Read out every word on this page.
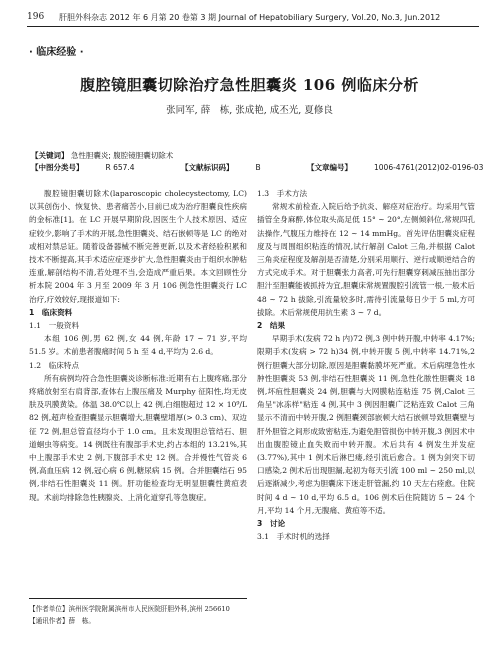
196	肝胆外科杂志 2012 年 6 月第 20 卷第 3 期 Journal of Hepatobiliary Surgery, Vol.20, No.3, Jun.2012
· 临床经验 ·
腹腔镜胆囊切除治疗急性胆囊炎 106 例临床分析
张同军, 薛　栋, 张成艳, 成丕光, 夏修良
【关键词】 急性胆囊炎; 腹腔镜胆囊切除术
【中图分类号】	R 657.4	【文献标识码】	B	【文章编号】	1006-4761(2012)02-0196-03

腹腔镜胆囊切除术(laparoscopic cholecystectomy, LC) 以其创伤小、恢复快、患者痛苦小,目前已成为治疗胆囊良性疾病的金标准[1]。在 LC 开展早期阶段,因医生个人技术原因、适应症较少,影响了手术的开展,急性胆囊炎、结石嵌顿等是 LC 的绝对或相对禁忌证。随着设备器械不断完善更新,以及术者经验积累和技术不断提高,其手术适应症逐步扩大,急性胆囊炎由于组织水肿粘连重,解剖结构不清,若处理不当,会造成严重后果。本文回顾性分析本院 2004 年 3 月至 2009 年 3 月 106 例急性胆囊炎行 LC 治疗,疗效较好,现报道如下:

1　临床资料

1.1　一般资料

本组 106 例,男 62 例,女 44 例,年龄 17 ~ 71 岁,平均 51.5 岁。术前患者腹痛时间 5 h 至 4 d,平均为 2.6 d。

1.2　临床特点

所有病例均符合急性胆囊炎诊断标准:近期有右上腹疼痛,部分疼痛放射至右肩背部,查体右上腹压痛及 Murphy 征阳性,均无皮肤及巩膜黄染。体温 38.0℃以上 42 例,白细胞超过 12 × 10⁹/L 82 例,超声检查胆囊显示胆囊增大,胆囊壁增厚(> 0.3 cm)、双边征 72 例,胆总管直径均小于 1.0 cm。且未发现胆总管结石、胆道蛔虫等病变。14 例既往有腹部手术史,约占本组的 13.21%,其中上腹部手术史 2 例,下腹部手术史 12 例。合并慢性气管炎 6 例,高血压病 12 例,冠心病 6 例,糖尿病 15 例。合并胆囊结石 95 例,非结石性胆囊炎 11 例。肝功能检查均无明显胆囊性黄疸表现。术前均排除急性胰腺炎、上消化道穿孔等急腹症。

1.3　手术方法

常规术前检查,入院后给予抗炎、解痉对症治疗。均采用气管插管全身麻醉,体位取头高足低 15° ~ 20°,左侧倾斜位,常规四孔法操作,气腹压力维持在 12 ~ 14 mmHg。首先评估胆囊炎症程度及与周围组织粘连的情况,试行解剖 Calot 三角,并根据 Calot 三角炎症程度及解剖是否清楚,分别采用顺行、逆行或顺逆结合的方式完成手术。对于胆囊张力高者,可先行胆囊穿刺减压抽出部分胆汁至胆囊能被抓持为宜,胆囊床常规置腹腔引流管一根,一般术后 48 ~ 72 h 拔除,引流量较多时,需待引流量每日少于 5 ml,方可拔除。术后常规使用抗生素 3 ~ 7 d。

2　结果

早期手术(发病 72 h 内)72 例,3 例中转开腹,中转率 4.17%;限期手术(发病 > 72 h)34 例,中转开腹 5 例,中转率 14.71%,2 例行胆囊大部分切除,原因是胆囊黏膜坏死严重。术后病理急性水肿性胆囊炎 53 例,非结石性胆囊炎 11 例,急性化脓性胆囊炎 18 例,坏疽性胆囊炎 24 例,胆囊与大网膜粘连粘连 75 例,Calot 三角呈"冰冻样"粘连 4 例,其中 3 例因胆囊广泛粘连致 Calot 三角显示不清而中转开腹,2 例胆囊颈部嵌顿大结石嵌顿导致胆囊壁与肝外胆管之间形成致密粘连,为避免胆管损伤中转开腹,3 例因术中出血腹腔镜止血失败而中转开腹。术后共有 4 例发生并发症(3.77%),其中 1 例术后淋巴瘘,经引流后愈合。1 例为剑突下切口感染,2 例术后出现胆漏,起初为每天引流 100 ml ~ 250 ml,以后逐渐减少,考虑为胆囊床下迷走肝管漏,约 10 天左右痊愈。住院时间 4 d ~ 10 d,平均 6.5 d。106 例术后住院随访 5 ~ 24 个月,平均 14 个月,无腹痛、黄疸等不适。

3　讨论

3.1　手术时机的选择

【作者单位】滨州医学院附属滨州市人民医院肝胆外科,滨州 256610
【通讯作者】薛　栋。
